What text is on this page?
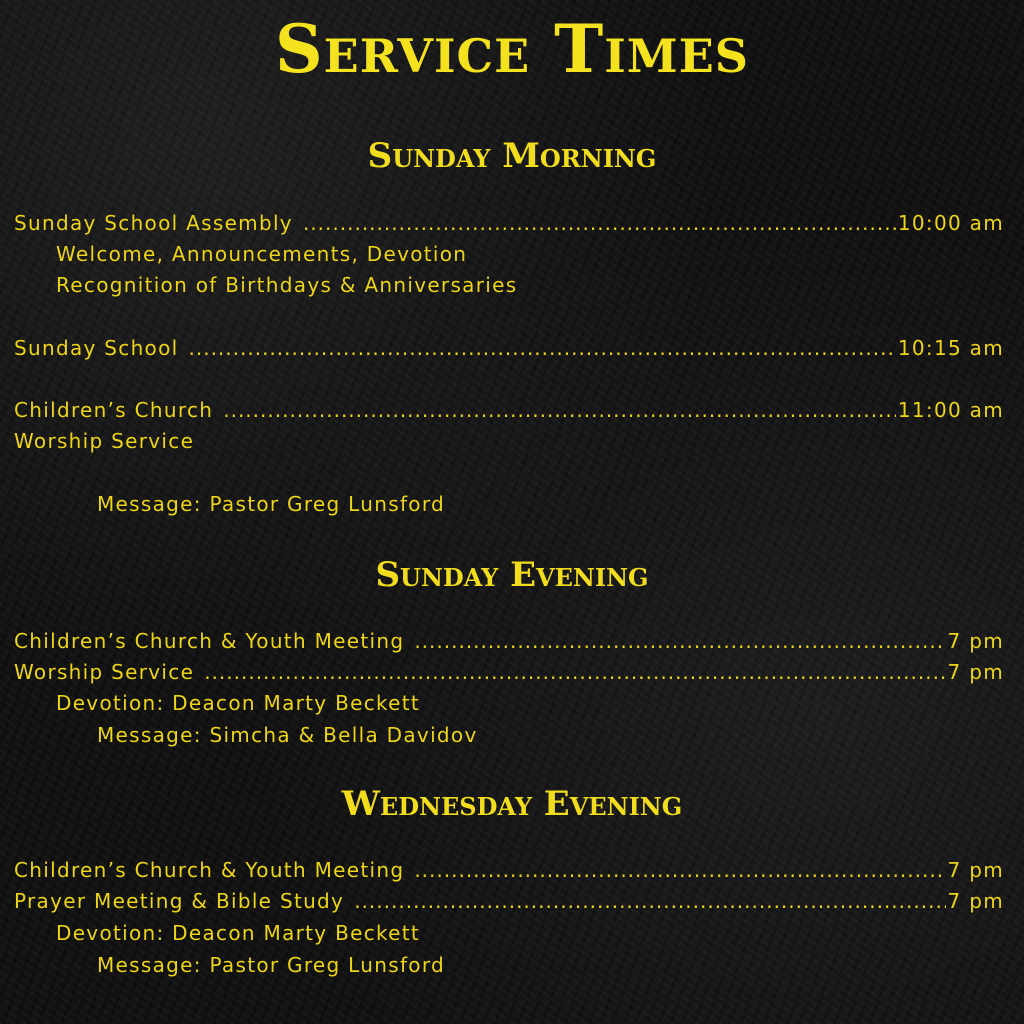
Service Times
Sunday Morning
Sunday School Assembly .....	10:00 am
Welcome, Announcements, Devotion
Recognition of Birthdays & Anniversaries
Sunday School .....	10:15 am
Children’s Church .....	11:00 am
Worship Service
Message: Pastor Greg Lunsford
Sunday Evening
Children’s Church & Youth Meeting .....	7 pm
Worship Service .....	7 pm
Devotion: Deacon Marty Beckett
Message: Simcha & Bella Davidov
Wednesday Evening
Children’s Church & Youth Meeting .....	7 pm
Prayer Meeting & Bible Study .....	7 pm
Devotion: Deacon Marty Beckett
Message: Pastor Greg Lunsford
